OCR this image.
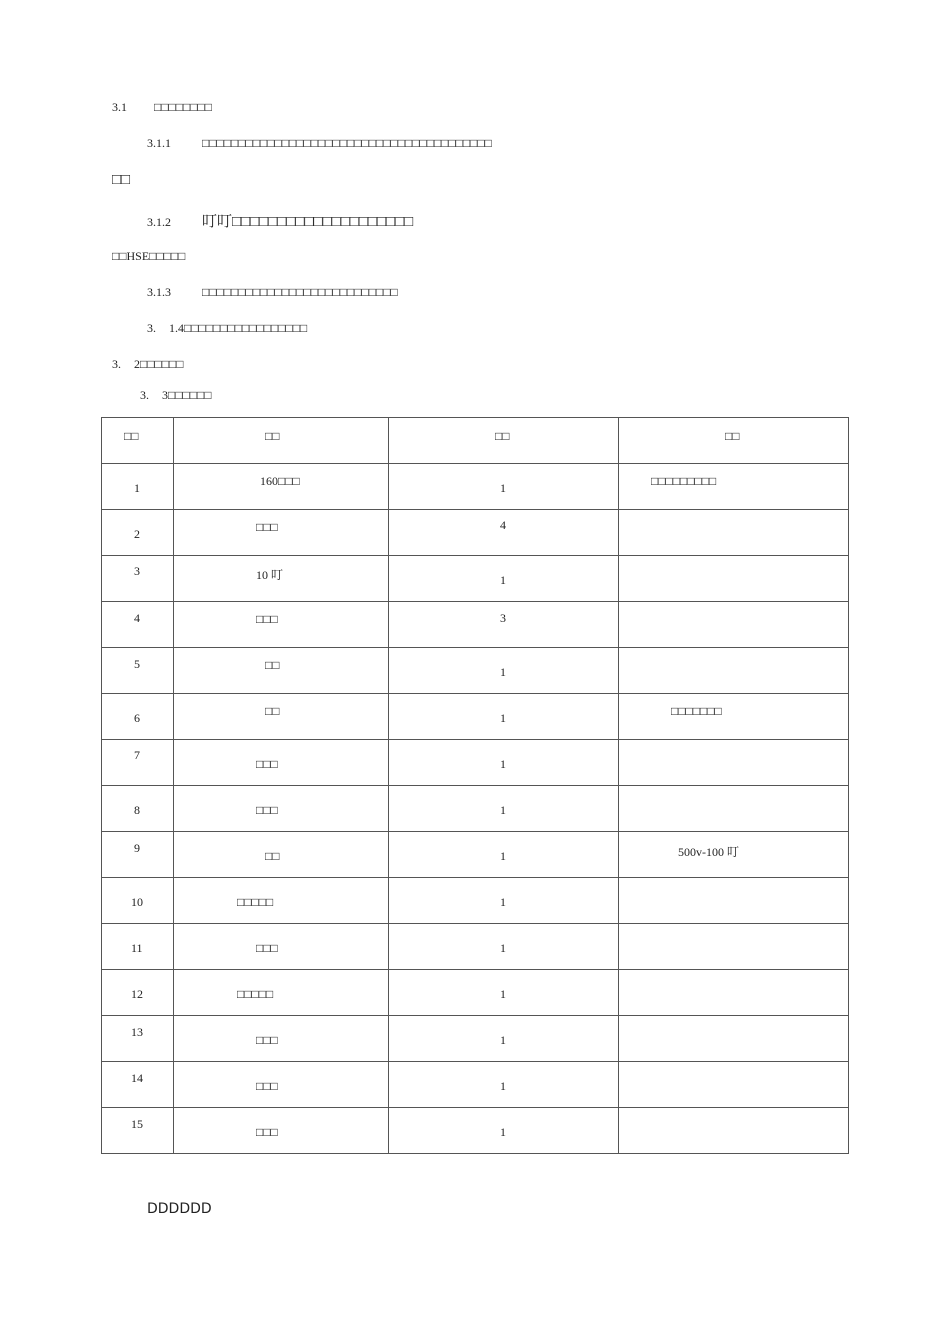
3.1 □□□□□□□□
3.1.1	□□□□□□□□□□□□□□□□□□□□□□□□□□□□□□□□□□□□□□□□
□□
3.1.2 叮叮□□□□□□□□□□□□□□□□□□□□
□□HSE□□□□□
3.1.3	□□□□□□□□□□□□□□□□□□□□□□□□□□□
3. 1.4□□□□□□□□□□□□□□□□□
3. 2□□□□□□
3. 3□□□□□□
□□	□□	□□	□□

1	160□□□	1	□□□□□□□□□

2	□□□	4	

3	10 叮	1	

4	□□□	3	

5	□□	1	

6	□□	1	□□□□□□□

7	□□□	1	

8	□□□	1	

9	□□	1	500v-100 叮

10	□□□□□	1	

11	□□□	1	

12	□□□□□	1	

13	□□□	1	

14	□□□	1	

15	□□□	1	

DDDDDD
